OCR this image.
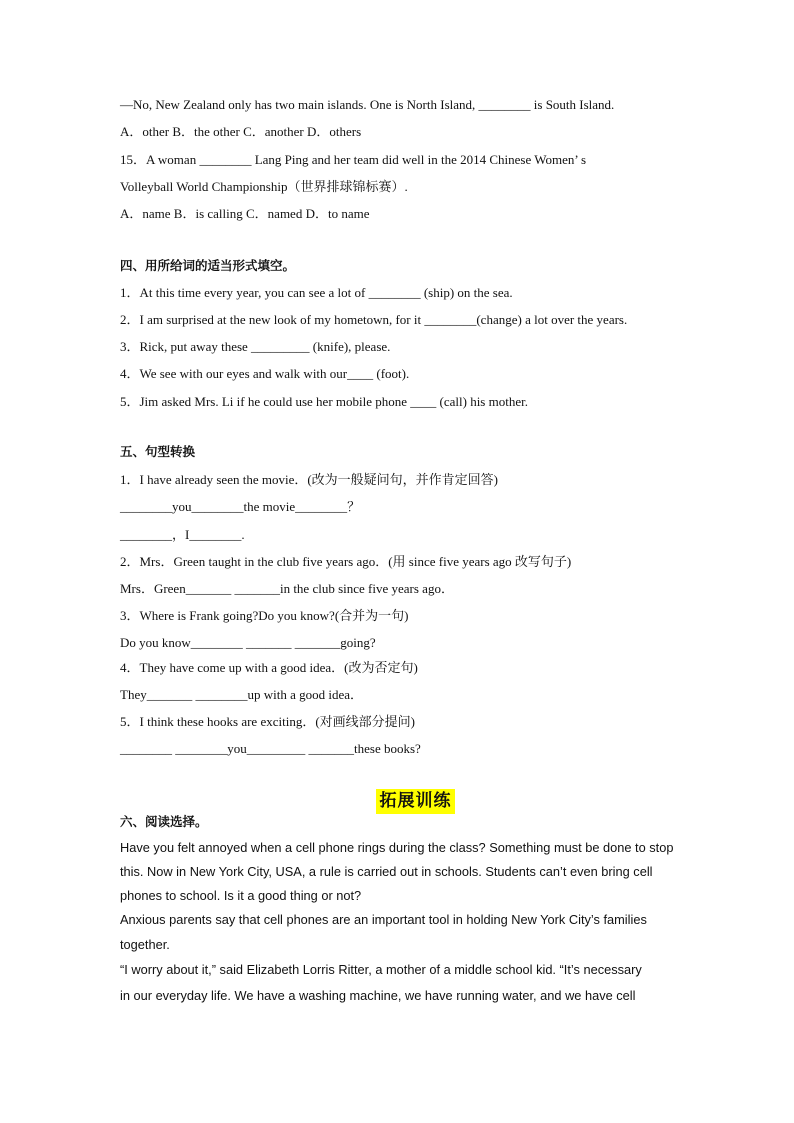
—No, New Zealand only has two main islands. One is North Island, ________ is South Island.
A．other B．the other C．another D．others
15．A woman ________ Lang Ping and her team did well in the 2014 Chinese Women’ s
Volleyball World Championship（世界排球锦标赛）.
A．name B．is calling C．named D．to name
四、用所给词的适当形式填空。
1．At this time every year, you can see a lot of ________ (ship) on the sea.
2．I am surprised at the new look of my hometown, for it ________(change) a lot over the years.
3．Rick, put away these _________ (knife), please.
4．We see with our eyes and walk with our____ (foot).
5．Jim asked Mrs. Li if he could use her mobile phone ____ (call) his mother.
五、句型转换
1．I have already seen the movie．(改为一般疑问句，并作肯定回答)
________you________the movie________？
________，I________.
2．Mrs．Green taught in the club five years ago．(用 since five years ago 改写句子)
Mrs．Green_______ _______in the club since five years ago．
3．Where is Frank going?Do you know?(合并为一句)
Do you know________ _______ _______going?
4．They have come up with a good idea．(改为否定句)
They_______ ________up with a good idea．
5．I think these hooks are exciting．(对画线部分提问)
________ ________you_________ _______these books?
拓展训练
六、阅读选择。
Have you felt annoyed when a cell phone rings during the class? Something must be done to stop
this. Now in New York City, USA, a rule is carried out in schools. Students can’t even bring cell
phones to school. Is it a good thing or not?
Anxious parents say that cell phones are an important tool in holding New York City’s families
together.
“I worry about it,” said Elizabeth Lorris Ritter, a mother of a middle school kid. “It’s necessary
in our everyday life. We have a washing machine, we have running water, and we have cell
